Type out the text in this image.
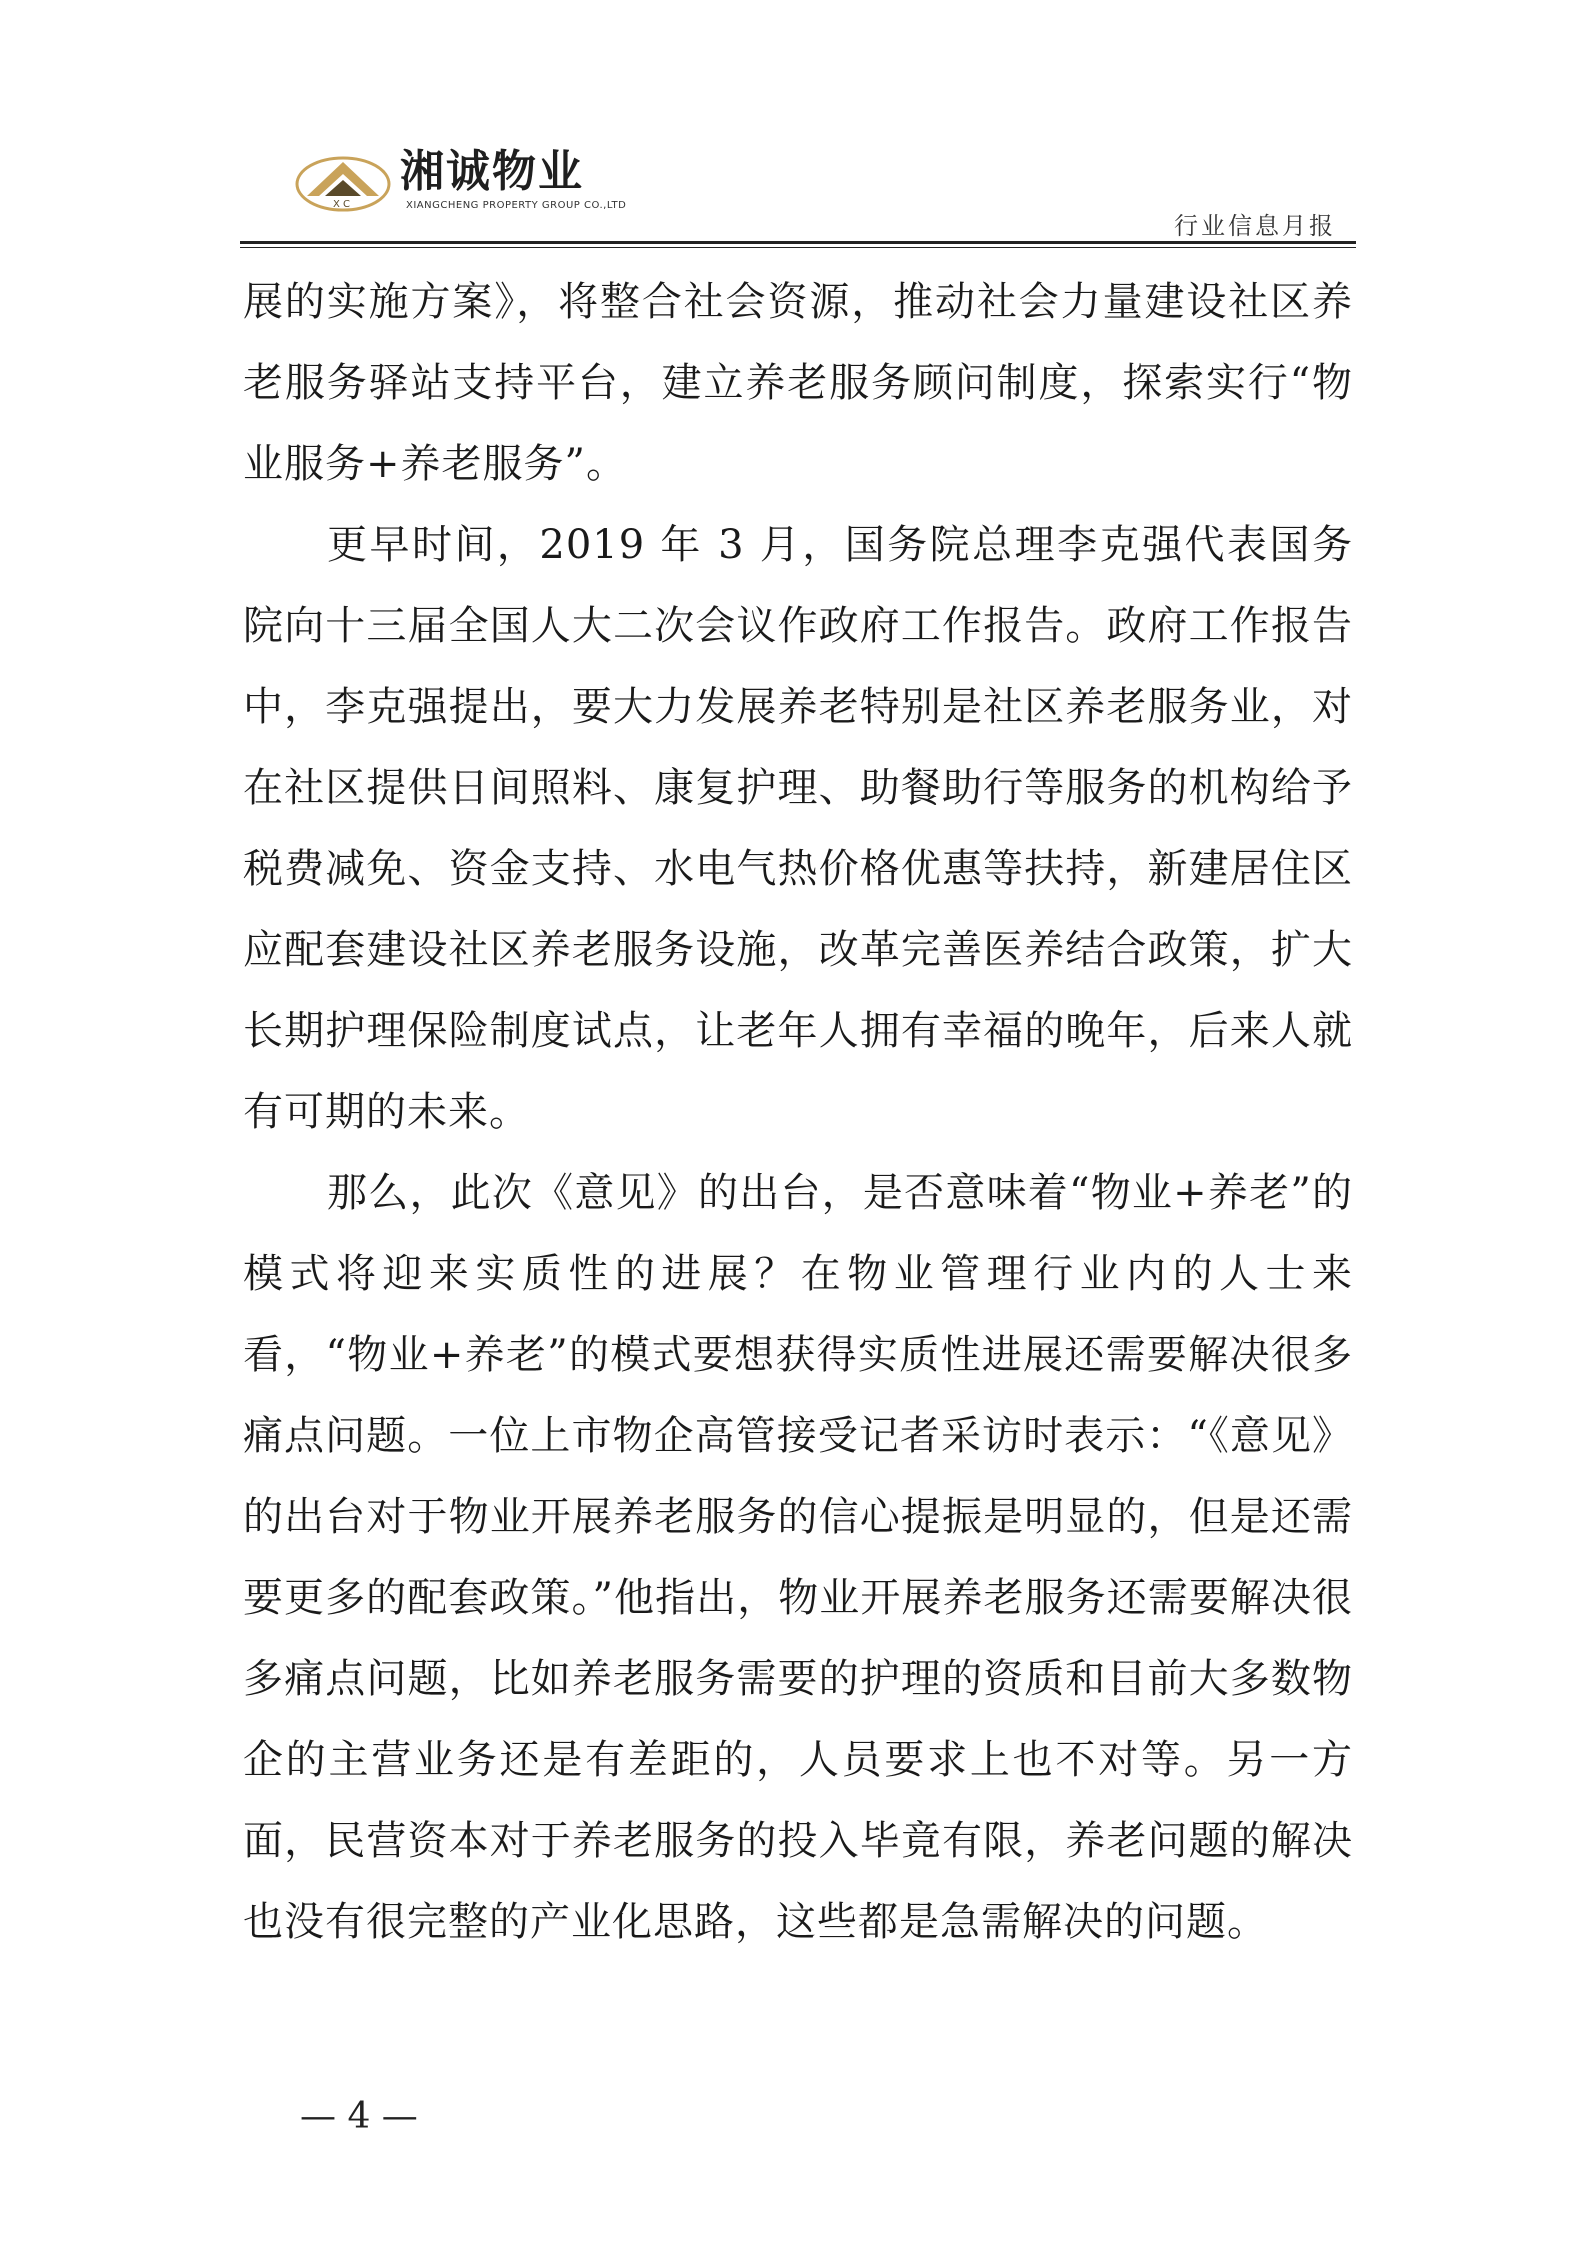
X C
湘诚物业
XIANGCHENG PROPERTY GROUP CO.,LTD
行业信息月报

展的实施方案》，将整合社会资源，推动社会力量建设社区养老服务驿站支持平台，建立养老服务顾问制度，探索实行“物业服务+养老服务”。

更早时间，2019 年 3 月，国务院总理李克强代表国务院向十三届全国人大二次会议作政府工作报告。政府工作报告中，李克强提出，要大力发展养老特别是社区养老服务业，对在社区提供日间照料、康复护理、助餐助行等服务的机构给予税费减免、资金支持、水电气热价格优惠等扶持，新建居住区应配套建设社区养老服务设施，改革完善医养结合政策，扩大长期护理保险制度试点，让老年人拥有幸福的晚年，后来人就有可期的未来。

那么，此次《意见》的出台，是否意味着“物业+养老”的模式将迎来实质性的进展？在物业管理行业内的人士来看，“物业+养老”的模式要想获得实质性进展还需要解决很多痛点问题。一位上市物企高管接受记者采访时表示：“《意见》的出台对于物业开展养老服务的信心提振是明显的，但是还需要更多的配套政策。”他指出，物业开展养老服务还需要解决很多痛点问题，比如养老服务需要的护理的资质和目前大多数物企的主营业务还是有差距的，人员要求上也不对等。另一方面，民营资本对于养老服务的投入毕竟有限，养老问题的解决也没有很完整的产业化思路，这些都是急需解决的问题。

— 4 —
